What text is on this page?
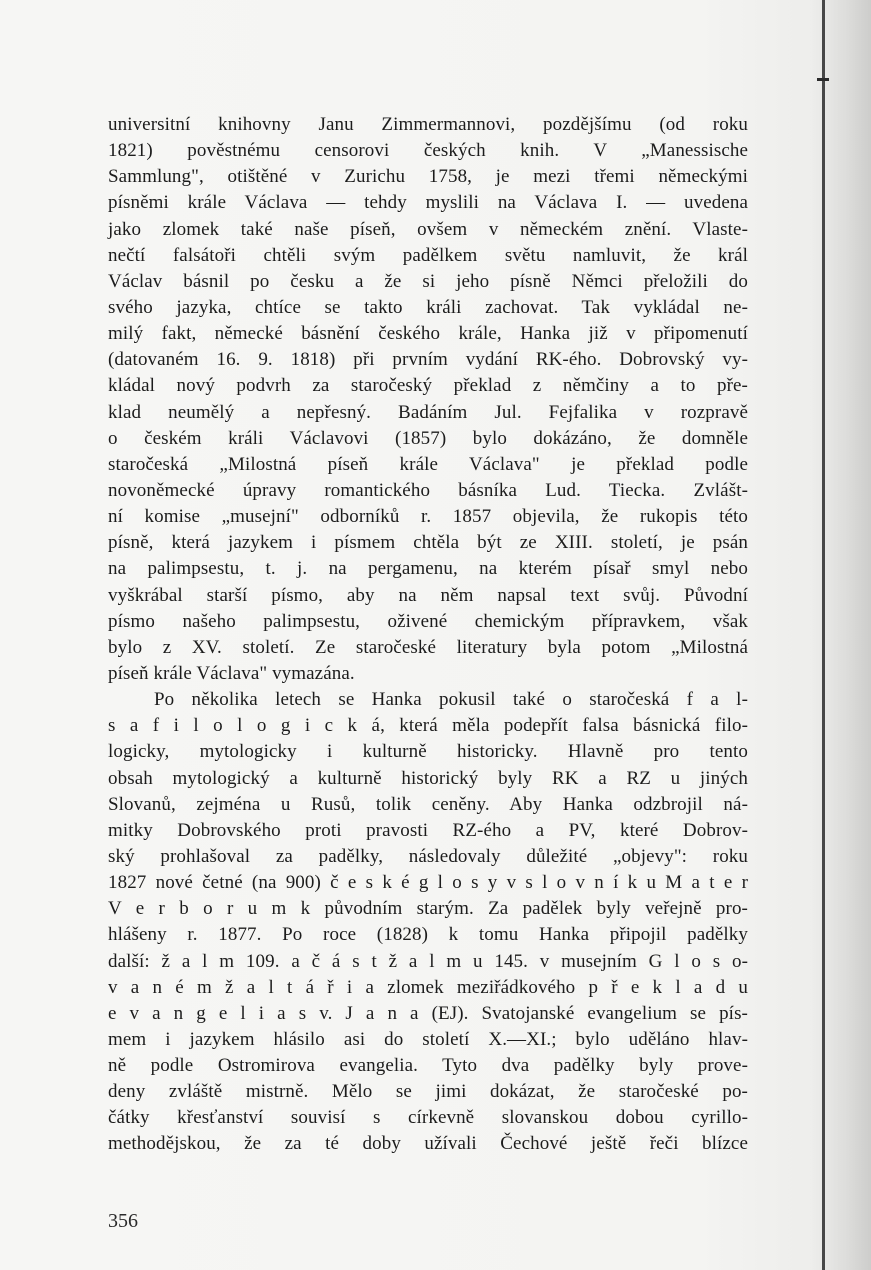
universitní knihovny Janu Zimmermannovi, pozdějšímu (od roku
1821) pověstnému censorovi českých knih. V „Manessische
Sammlung", otištěné v Zurichu 1758, je mezi třemi německými
písněmi krále Václava — tehdy myslili na Václava I. — uvedena
jako zlomek také naše píseň, ovšem v německém znění. Vlaste-
nečtí falsátoři chtěli svým padělkem světu namluvit, že král
Václav básnil po česku a že si jeho písně Němci přeložili do
svého jazyka, chtíce se takto králi zachovat. Tak vykládal ne-
milý fakt, německé básnění českého krále, Hanka již v připomenutí
(datovaném 16. 9. 1818) při prvním vydání RK-ého. Dobrovský vy-
kládal nový podvrh za staročeský překlad z němčiny a to pře-
klad neumělý a nepřesný. Badáním Jul. Fejfalika v rozpravě
o českém králi Václavovi (1857) bylo dokázáno, že domněle
staročeská „Milostná píseň krále Václava" je překlad podle
novoněmecké úpravy romantického básníka Lud. Tiecka. Zvlášt-
ní komise „musejní" odborníků r. 1857 objevila, že rukopis této
písně, která jazykem i písmem chtěla být ze XIII. století, je psán
na palimpsestu, t. j. na pergamenu, na kterém písař smyl nebo
vyškrábal starší písmo, aby na něm napsal text svůj. Původní
písmo našeho palimpsestu, oživené chemickým přípravkem, však
bylo z XV. století. Ze staročeské literatury byla potom „Milostná
píseň krále Václava" vymazána.
Po několika letech se Hanka pokusil také o staročeská f a l-
s a f i l o l o g i c k á, která měla podepřít falsa básnická filo-
logicky, mytologicky i kulturně historicky. Hlavně pro tento
obsah mytologický a kulturně historický byly RK a RZ u jiných
Slovanů, zejména u Rusů, tolik ceněny. Aby Hanka odzbrojil ná-
mitky Dobrovského proti pravosti RZ-ého a PV, které Dobrov-
ský prohlašoval za padělky, následovaly důležité „objevy": roku
1827 nové četné (na 900) č e s k é g l o s y v s l o v n í k u M a t e r
V e r b o r u m k původním starým. Za padělek byly veřejně pro-
hlášeny r. 1877. Po roce (1828) k tomu Hanka připojil padělky
další: ž a l m 109. a č á s t ž a l m u 145. v musejním G l o s o-
v a n é m ž a l t á ř i a zlomek meziřádkového p ř e k l a d u
e v a n g e l i a s v. J a n a (EJ). Svatojanské evangelium se pís-
mem i jazykem hlásilo asi do století X.—XI.; bylo uděláno hlav-
ně podle Ostromirova evangelia. Tyto dva padělky byly prove-
deny zvláště mistrně. Mělo se jimi dokázat, že staročeské po-
čátky křesťanství souvisí s církevně slovanskou dobou cyrillo-
methodějskou, že za té doby užívali Čechové ještě řeči blízce
356
